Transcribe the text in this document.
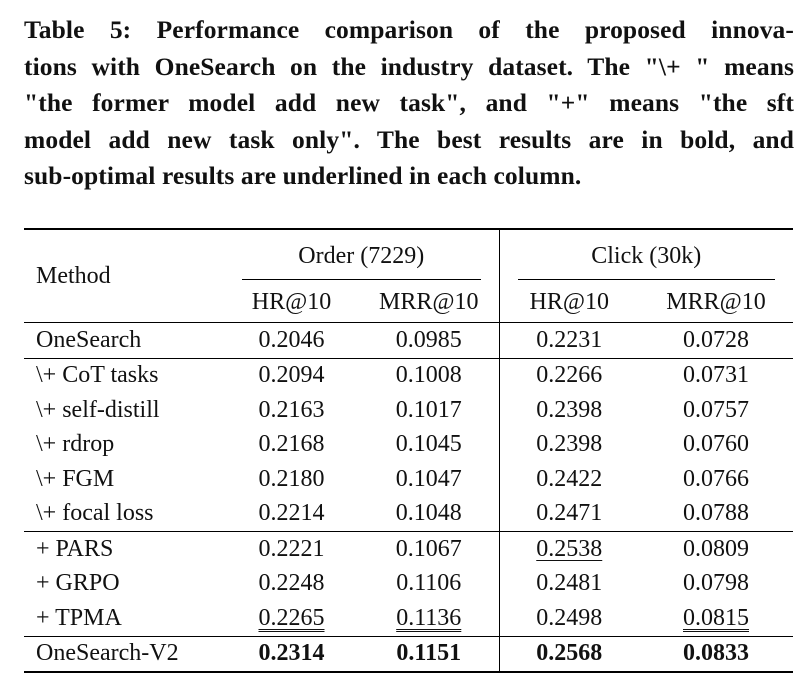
Table 5: Performance comparison of the proposed innova-
tions with OneSearch on the industry dataset. The "\+ " means
"the former model add new task", and "+" means "the sft
model add new task only". The best results are in bold, and
sub-optimal results are underlined in each column.
Method	Order (7229)		Click (30k)	

	HR@10	MRR@10	HR@10	MRR@10
OneSearch	0.2046	0.0985	0.2231	0.0728
\+ CoT tasks	0.2094	0.1008	0.2266	0.0731
\+ self-distill	0.2163	0.1017	0.2398	0.0757
\+ rdrop	0.2168	0.1045	0.2398	0.0760
\+ FGM	0.2180	0.1047	0.2422	0.0766
\+ focal loss	0.2214	0.1048	0.2471	0.0788
+ PARS	0.2221	0.1067	0.2538	0.0809
+ GRPO	0.2248	0.1106	0.2481	0.0798
+ TPMA	0.2265	0.1136	0.2498	0.0815
OneSearch-V2	0.2314	0.1151	0.2568	0.0833
